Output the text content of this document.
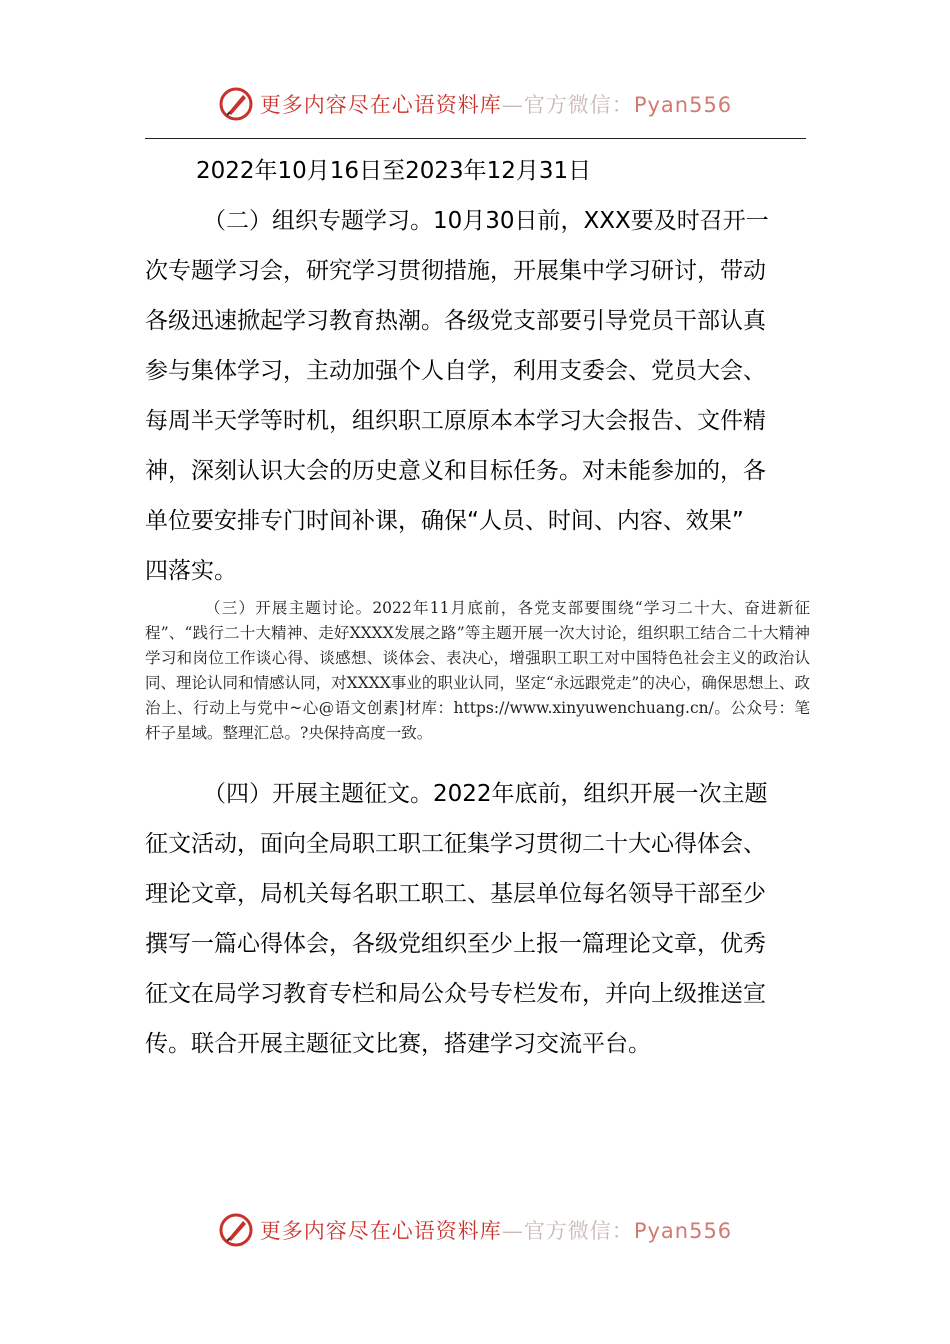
更多内容尽在心语资料库—官方微信：Pyan556

2022年10月16日至2023年12月31日

（二）组织专题学习。10月30日前，XXX要及时召开一
次专题学习会，研究学习贯彻措施，开展集中学习研讨，带动
各级迅速掀起学习教育热潮。各级党支部要引导党员干部认真
参与集体学习，主动加强个人自学，利用支委会、党员大会、
每周半天学等时机，组织职工原原本本学习大会报告、文件精
神，深刻认识大会的历史意义和目标任务。对未能参加的，各
单位要安排专门时间补课，确保“人员、时间、内容、效果”
四落实。

（三）开展主题讨论。2022年11月底前，各党支部要围绕“学习二十大、奋进新征程”、“践行二十大精神、走好XXXX发展之路”等主题开展一次大讨论，组织职工结合二十大精神学习和岗位工作谈心得、谈感想、谈体会、表决心，增强职工职工对中国特色社会主义的政治认同、理论认同和情感认同，对XXXX事业的职业认同，坚定“永远跟党走”的决心，确保思想上、政治上、行动上与党中~心@语文创素]材库：https://www.xinyuwenchuang.cn/。公众号：笔杆子星域。整理汇总。?央保持高度一致。

（四）开展主题征文。2022年底前，组织开展一次主题
征文活动，面向全局职工职工征集学习贯彻二十大心得体会、
理论文章，局机关每名职工职工、基层单位每名领导干部至少
撰写一篇心得体会，各级党组织至少上报一篇理论文章，优秀
征文在局学习教育专栏和局公众号专栏发布，并向上级推送宣
传。联合开展主题征文比赛，搭建学习交流平台。
更多内容尽在心语资料库—官方微信：Pyan556
